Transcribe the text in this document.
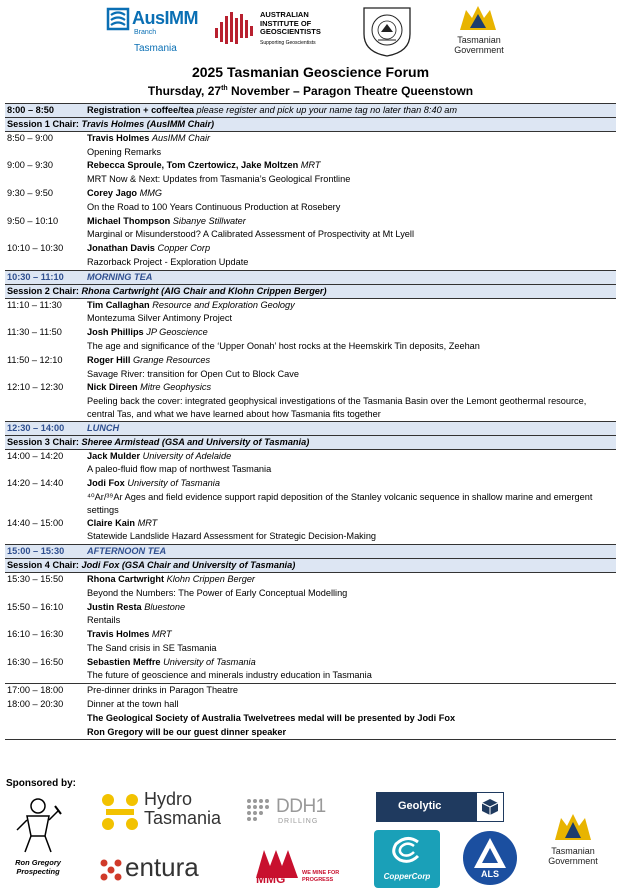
AusIMM
Branch
Tasmania
AUSTRALIAN
INSTITUTE OF
GEOSCIENTISTS
Supporting Geoscientists	Tasmanian
Government
2025 Tasmanian Geoscience Forum
Thursday, 27th November – Paragon Theatre Queenstown
8:00 – 8:50	Registration + coffee/tea please register and pick up your name tag no later than 8:40 am
Session 1 Chair: Travis Holmes (AusIMM Chair)
8:50 – 9:00	Travis Holmes AusIMM Chair
Opening Remarks
9:00 – 9:30	Rebecca Sproule, Tom Czertowicz, Jake Moltzen MRT
MRT Now & Next: Updates from Tasmania’s Geological Frontline
9:30 – 9:50	Corey Jago MMG
On the Road to 100 Years Continuous Production at Rosebery
9:50 – 10:10	Michael Thompson Sibanye Stillwater
Marginal or Misunderstood? A Calibrated Assessment of Prospectivity at Mt Lyell
10:10 – 10:30	Jonathan Davis Copper Corp
Razorback Project - Exploration Update
10:30 – 11:10	MORNING TEA
Session 2 Chair: Rhona Cartwright (AIG Chair and Klohn Crippen Berger)
11:10 – 11:30	Tim Callaghan Resource and Exploration Geology
Montezuma Silver Antimony Project
11:30 – 11:50	Josh Phillips JP Geoscience
The age and significance of the ‘Upper Oonah’ host rocks at the Heemskirk Tin deposits, Zeehan
11:50 – 12:10	Roger Hill Grange Resources
Savage River: transition for Open Cut to Block Cave
12:10 – 12:30	Nick Direen Mitre Geophysics
Peeling back the cover: integrated geophysical investigations of the Tasmania Basin over the Lemont geothermal resource, central Tas, and what we have learned about how Tasmania fits together
12:30 – 14:00	LUNCH
Session 3 Chair: Sheree Armistead (GSA and University of Tasmania)
14:00 – 14:20	Jack Mulder University of Adelaide
A paleo-fluid flow map of northwest Tasmania
14:20 – 14:40	Jodi Fox University of Tasmania
⁴⁰Ar/³⁹Ar Ages and field evidence support rapid deposition of the Stanley volcanic sequence in shallow marine and emergent settings
14:40 – 15:00	Claire Kain MRT
Statewide Landslide Hazard Assessment for Strategic Decision-Making
15:00 – 15:30	AFTERNOON TEA
Session 4 Chair: Jodi Fox (GSA Chair and University of Tasmania)
15:30 – 15:50	Rhona Cartwright Klohn Crippen Berger
Beyond the Numbers: The Power of Early Conceptual Modelling
15:50 – 16:10	Justin Resta Bluestone
Rentails
16:10 – 16:30	Travis Holmes MRT
The Sand crisis in SE Tasmania
16:30 – 16:50	Sebastien Meffre University of Tasmania
The future of geoscience and minerals industry education in Tasmania
17:00 – 18:00	Pre-dinner drinks in Paragon Theatre
18:00 – 20:30	Dinner at the town hall
The Geological Society of Australia Twelvetrees medal will be presented by Jodi Fox
Ron Gregory will be our guest dinner speaker
Sponsored by:
Ron Gregory
Prospecting
Hydro
Tasmania
DDH1
DRILLING
Geolytic
entura	MMG	WE MINE FOR
PROGRESS	CopperCorp	ALS
Tasmanian
Government
